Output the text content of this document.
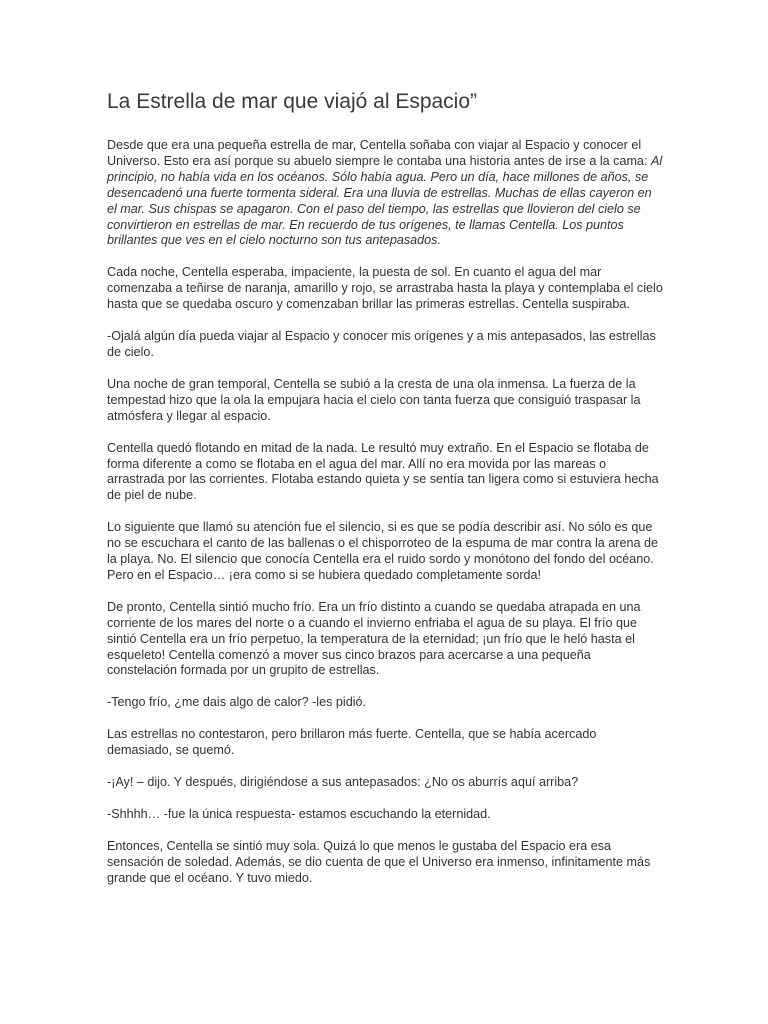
La Estrella de mar que viajó al Espacio”

Desde que era una pequeña estrella de mar, Centella soñaba con viajar al Espacio y conocer el Universo. Esto era así porque su abuelo siempre le contaba una historia antes de irse a la cama: Al principio, no había vida en los océanos. Sólo había agua. Pero un día, hace millones de años, se desencadenó una fuerte tormenta sideral. Era una lluvia de estrellas. Muchas de ellas cayeron en el mar. Sus chispas se apagaron. Con el paso del tiempo, las estrellas que llovieron del cielo se convirtieron en estrellas de mar. En recuerdo de tus orígenes, te llamas Centella. Los puntos brillantes que ves en el cielo nocturno son tus antepasados.

Cada noche, Centella esperaba, impaciente, la puesta de sol. En cuanto el agua del mar comenzaba a teñirse de naranja, amarillo y rojo, se arrastraba hasta la playa y contemplaba el cielo hasta que se quedaba oscuro y comenzaban brillar las primeras estrellas. Centella suspiraba.

-Ojalá algún día pueda viajar al Espacio y conocer mis orígenes y a mis antepasados, las estrellas de cielo.

Una noche de gran temporal, Centella se subió a la cresta de una ola inmensa. La fuerza de la tempestad hizo que la ola la empujara hacia el cielo con tanta fuerza que consiguió traspasar la atmósfera y llegar al espacio.

Centella quedó flotando en mitad de la nada. Le resultó muy extraño. En el Espacio se flotaba de forma diferente a como se flotaba en el agua del mar. Allí no era movida por las mareas o arrastrada por las corrientes. Flotaba estando quieta y se sentía tan ligera como si estuviera hecha de piel de nube.

Lo siguiente que llamó su atención fue el silencio, si es que se podía describir así. No sólo es que no se escuchara el canto de las ballenas o el chisporroteo de la espuma de mar contra la arena de la playa. No. El silencio que conocía Centella era el ruido sordo y monótono del fondo del océano. Pero en el Espacio… ¡era como si se hubiera quedado completamente sorda!

De pronto, Centella sintió mucho frío. Era un frío distinto a cuando se quedaba atrapada en una corriente de los mares del norte o a cuando el invierno enfriaba el agua de su playa. El frío que sintió Centella era un frío perpetuo, la temperatura de la eternidad; ¡un frío que le heló hasta el esqueleto! Centella comenzó a mover sus cinco brazos para acercarse a una pequeña constelación formada por un grupito de estrellas.

-Tengo frío, ¿me dais algo de calor? -les pidió.

Las estrellas no contestaron, pero brillaron más fuerte. Centella, que se había acercado demasiado, se quemó.

-¡Ay! – dijo. Y después, dirigiéndose a sus antepasados: ¿No os aburrís aquí arriba?

-Shhhh… -fue la única respuesta- estamos escuchando la eternidad.

Entonces, Centella se sintió muy sola. Quizá lo que menos le gustaba del Espacio era esa sensación de soledad. Además, se dio cuenta de que el Universo era inmenso, infinitamente más grande que el océano. Y tuvo miedo.
